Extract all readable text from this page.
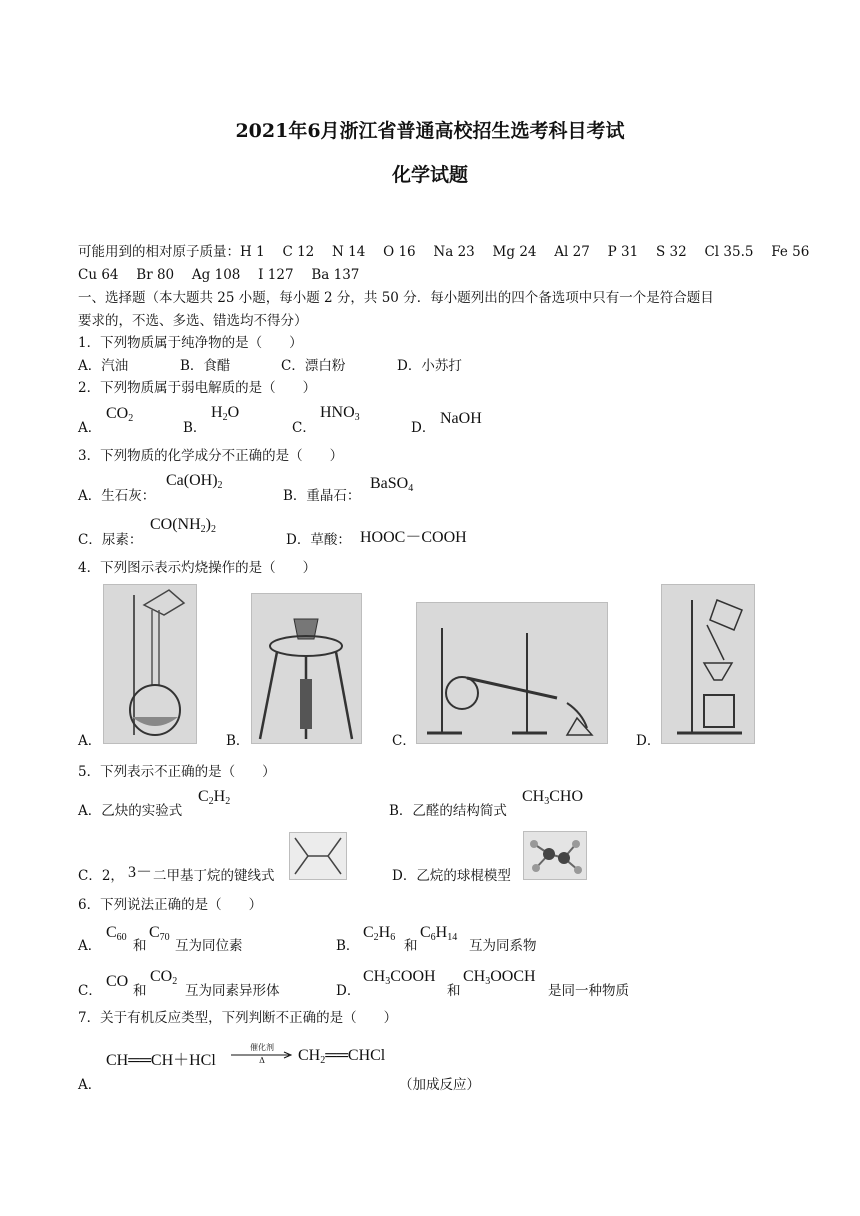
2021年6月浙江省普通高校招生选考科目考试
化学试题
可能用到的相对原子质量：H 1　 C 12　 N 14　 O 16　 Na 23　 Mg 24　 Al 27　 P 31　 S 32　 Cl 35.5　 Fe 56
Cu 64　 Br 80　 Ag 108　 I 127　 Ba 137
一、选择题（本大题共 25 小题，每小题 2 分，共 50 分．每小题列出的四个备选项中只有一个是符合题目
要求的，不选、多选、错选均不得分）
1．下列物质属于纯净物的是（　　）
A．汽油	B．食醋	C．漂白粉	D．小苏打
2．下列物质属于弱电解质的是（　　）
A．
$CO_2$
B．
$H_2O$
C．
$HNO_3$
D．
NaOH
3．下列物质的化学成分不正确的是（　　）
A．生石灰：
$Ca(OH)_2$
B．重晶石：
BaSO$_4$
C．尿素：
$CO(NH_2)_2$
D．草酸： HOOC－COOH
4．下列图示表示灼烧操作的是（　　）
A．	B．	C．	D．
5．下列表示不正确的是（　　）
A．乙炔的实验式
$C_2H_2$
B．乙醛的结构简式
$CH_3CHO$
C．2， 3－ 二甲基丁烷的键线式	D．乙烷的球棍模型
6．下列说法正确的是（　　）
A．
$C_{60}$
和
$C_{70}$
互为同位素	B．
$C_2H_6$
和
$C_6H_{14}$
互为同系物
C．
CO
和
$CO_2$
互为同素异形体	D．
$CH_3COOH$
和
$CH_3OOCH$
是同一种物质
7．关于有机反应类型，下列判断不正确的是（　　）
CH══CH＋HCl
催化剂
Δ	$CH_2══CHCl$
A．	（加成反应）
